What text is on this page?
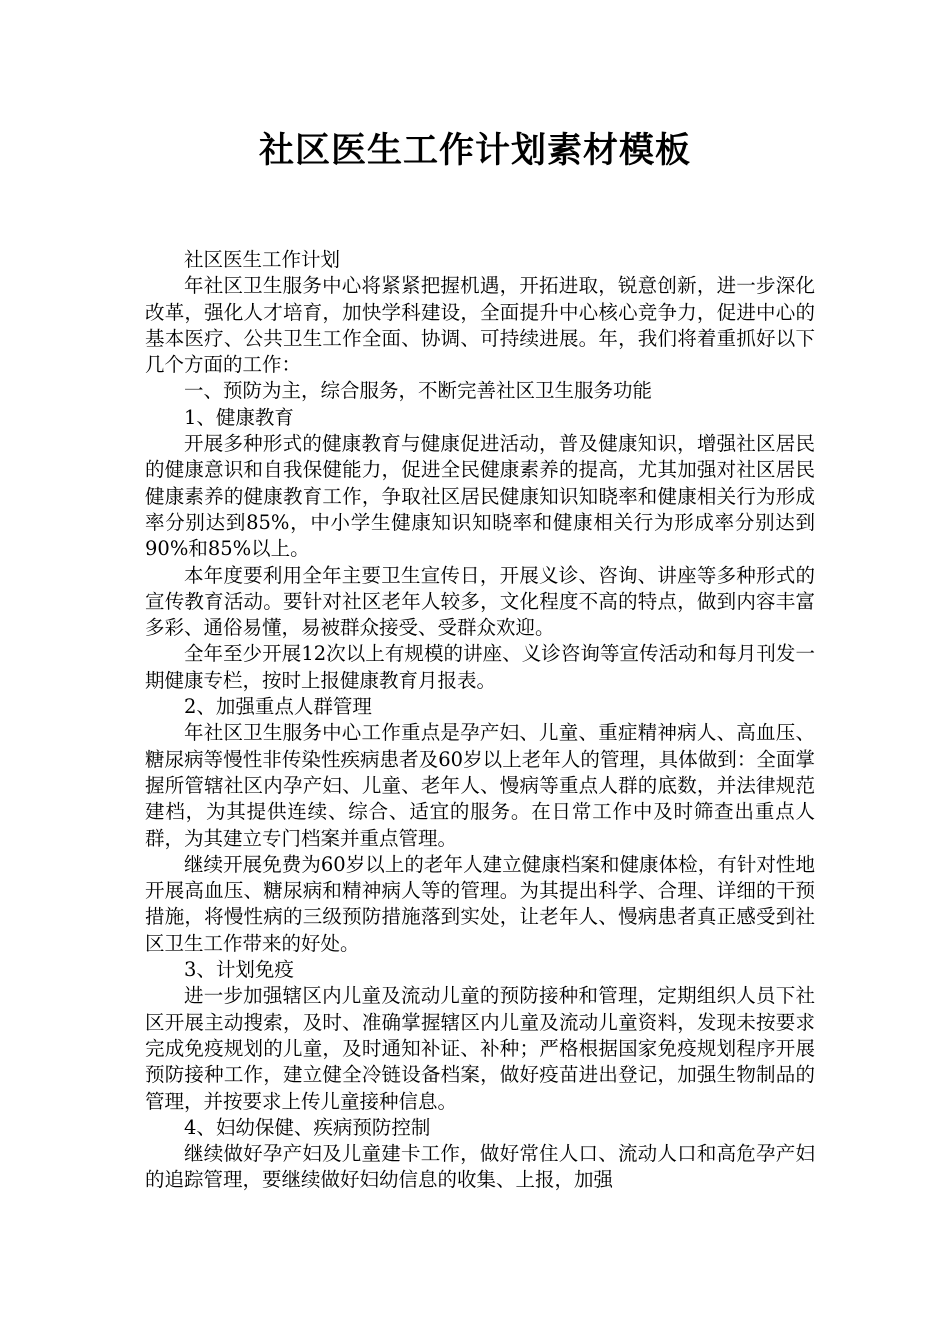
社区医生工作计划素材模板

社区医生工作计划

年社区卫生服务中心将紧紧把握机遇，开拓进取，锐意创新，进一步深化改革，强化人才培育，加快学科建设，全面提升中心核心竞争力，促进中心的基本医疗、公共卫生工作全面、协调、可持续进展。年，我们将着重抓好以下几个方面的工作：

一、预防为主，综合服务，不断完善社区卫生服务功能

1、健康教育

开展多种形式的健康教育与健康促进活动，普及健康知识，增强社区居民的健康意识和自我保健能力，促进全民健康素养的提高，尤其加强对社区居民健康素养的健康教育工作，争取社区居民健康知识知晓率和健康相关行为形成率分别达到85%，中小学生健康知识知晓率和健康相关行为形成率分别达到90%和85%以上。

本年度要利用全年主要卫生宣传日，开展义诊、咨询、讲座等多种形式的宣传教育活动。要针对社区老年人较多，文化程度不高的特点，做到内容丰富多彩、通俗易懂，易被群众接受、受群众欢迎。

全年至少开展12次以上有规模的讲座、义诊咨询等宣传活动和每月刊发一期健康专栏，按时上报健康教育月报表。

2、加强重点人群管理

年社区卫生服务中心工作重点是孕产妇、儿童、重症精神病人、高血压、糖尿病等慢性非传染性疾病患者及60岁以上老年人的管理，具体做到：全面掌握所管辖社区内孕产妇、儿童、老年人、慢病等重点人群的底数，并法律规范建档，为其提供连续、综合、适宜的服务。在日常工作中及时筛查出重点人群，为其建立专门档案并重点管理。

继续开展免费为60岁以上的老年人建立健康档案和健康体检，有针对性地开展高血压、糖尿病和精神病人等的管理。为其提出科学、合理、详细的干预措施，将慢性病的三级预防措施落到实处，让老年人、慢病患者真正感受到社区卫生工作带来的好处。

3、计划免疫

进一步加强辖区内儿童及流动儿童的预防接种和管理，定期组织人员下社区开展主动搜索，及时、准确掌握辖区内儿童及流动儿童资料，发现未按要求完成免疫规划的儿童，及时通知补证、补种；严格根据国家免疫规划程序开展预防接种工作，建立健全冷链设备档案，做好疫苗进出登记，加强生物制品的管理，并按要求上传儿童接种信息。

4、妇幼保健、疾病预防控制

继续做好孕产妇及儿童建卡工作，做好常住人口、流动人口和高危孕产妇的追踪管理，要继续做好妇幼信息的收集、上报，加强
